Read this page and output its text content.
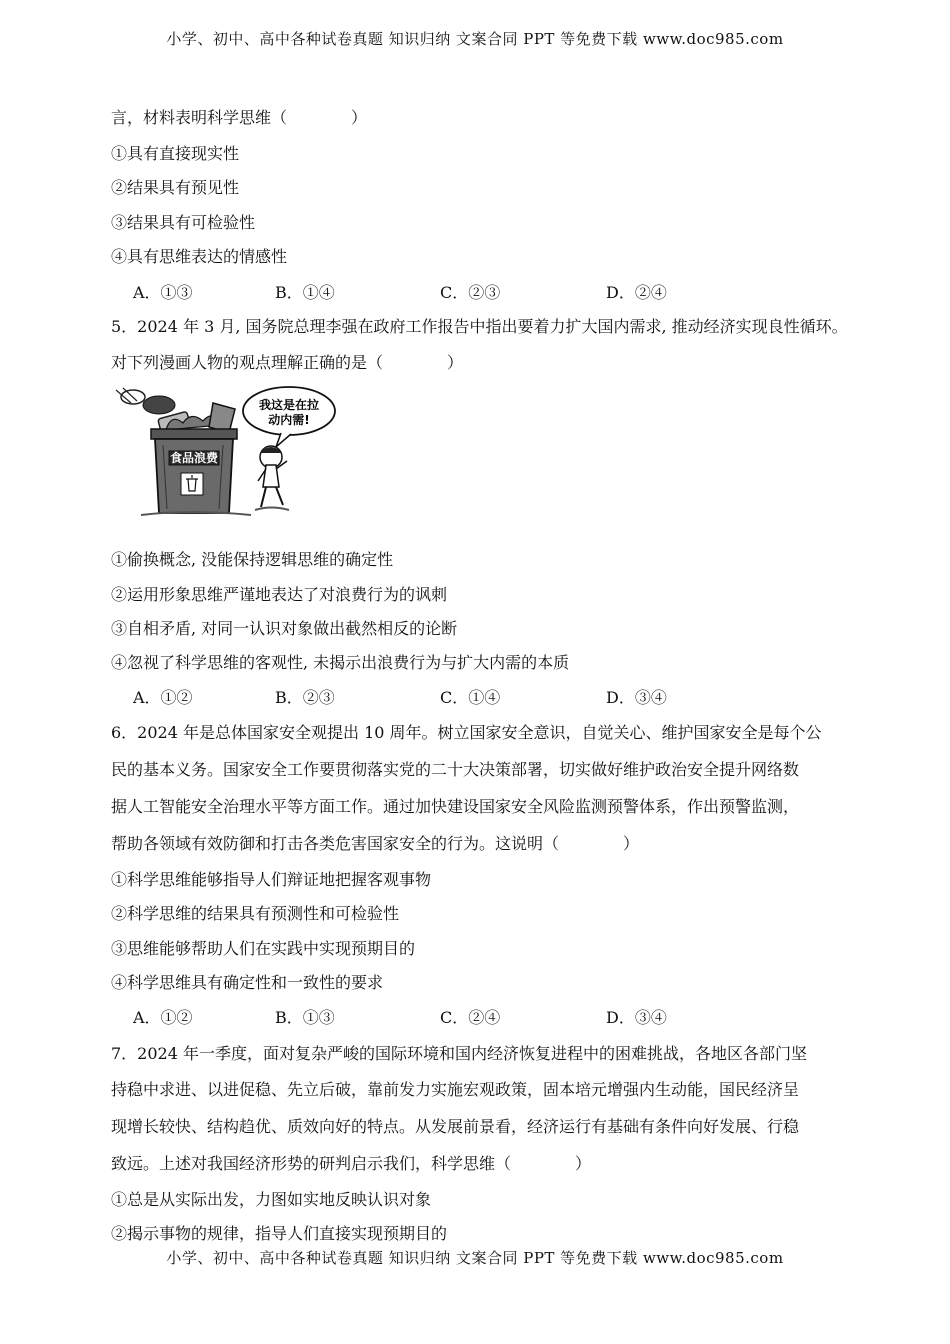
小学、初中、高中各种试卷真题 知识归纳 文案合同 PPT 等免费下载 www.doc985.com
言，材料表明科学思维（　　　　）
①具有直接现实性
②结果具有预见性
③结果具有可检验性
④具有思维表达的情感性
A．①③	B．①④	C．②③	D．②④
5．2024 年 3 月, 国务院总理李强在政府工作报告中指出要着力扩大国内需求, 推动经济实现良性循环。
对下列漫画人物的观点理解正确的是（　　　　）
食品浪费
我这是在拉
动内需!
①偷换概念, 没能保持逻辑思维的确定性
②运用形象思维严谨地表达了对浪费行为的讽刺
③自相矛盾, 对同一认识对象做出截然相反的论断
④忽视了科学思维的客观性, 未揭示出浪费行为与扩大内需的本质
A．①②	B．②③	C．①④	D．③④
6．2024 年是总体国家安全观提出 10 周年。树立国家安全意识，自觉关心、维护国家安全是每个公
民的基本义务。国家安全工作要贯彻落实党的二十大决策部署，切实做好维护政治安全提升网络数
据人工智能安全治理水平等方面工作。通过加快建设国家安全风险监测预警体系，作出预警监测，
帮助各领域有效防御和打击各类危害国家安全的行为。这说明（　　　　）
①科学思维能够指导人们辩证地把握客观事物
②科学思维的结果具有预测性和可检验性
③思维能够帮助人们在实践中实现预期目的
④科学思维具有确定性和一致性的要求
A．①②	B．①③	C．②④	D．③④
7．2024 年一季度，面对复杂严峻的国际环境和国内经济恢复进程中的困难挑战，各地区各部门坚
持稳中求进、以进促稳、先立后破，靠前发力实施宏观政策，固本培元增强内生动能，国民经济呈
现增长较快、结构趋优、质效向好的特点。从发展前景看，经济运行有基础有条件向好发展、行稳
致远。上述对我国经济形势的研判启示我们，科学思维（　　　　）
①总是从实际出发，力图如实地反映认识对象
②揭示事物的规律，指导人们直接实现预期目的
小学、初中、高中各种试卷真题 知识归纳 文案合同 PPT 等免费下载 www.doc985.com
